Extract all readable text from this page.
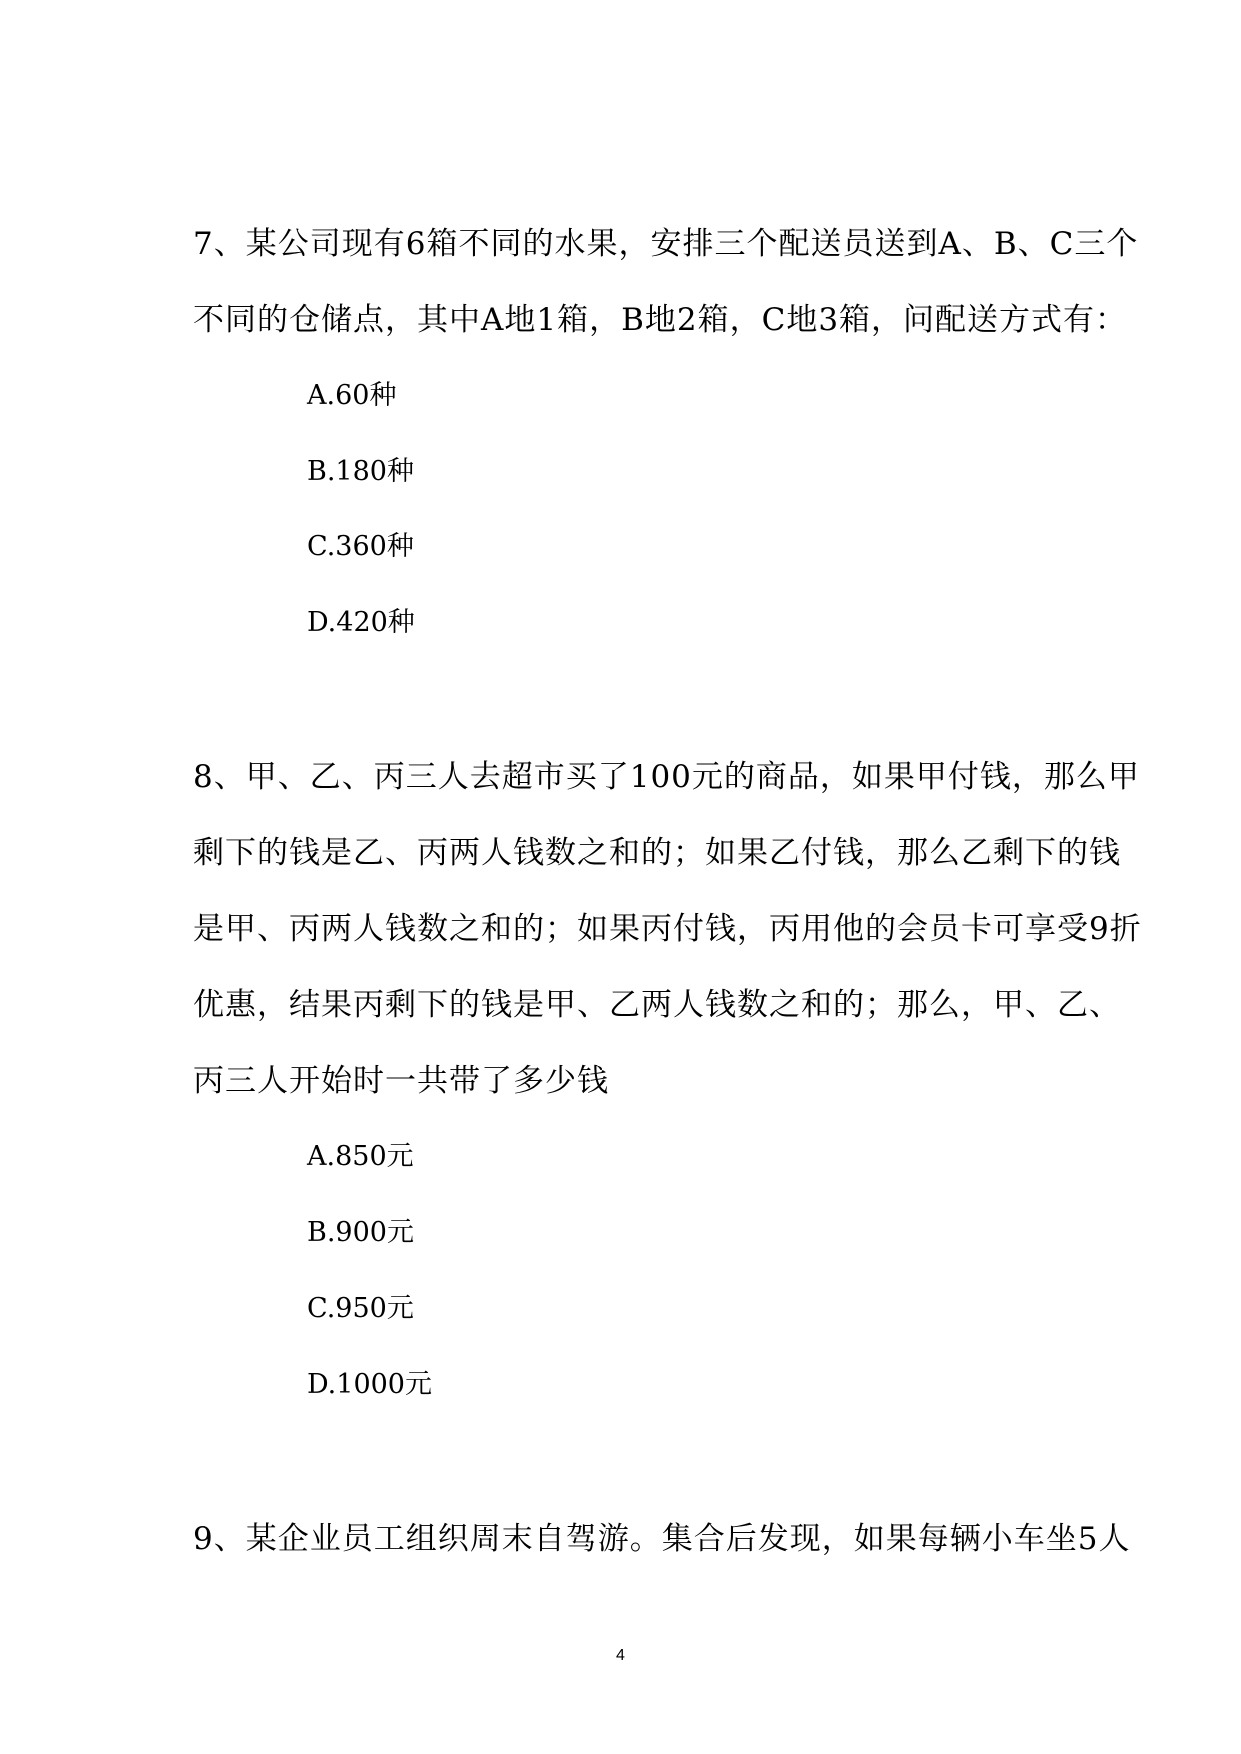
7、某公司现有6箱不同的水果，安排三个配送员送到A、B、C三个
不同的仓储点，其中A地1箱，B地2箱，C地3箱，问配送方式有：
A.60种
B.180种
C.360种
D.420种
8、甲、乙、丙三人去超市买了100元的商品，如果甲付钱，那么甲
剩下的钱是乙、丙两人钱数之和的；如果乙付钱，那么乙剩下的钱
是甲、丙两人钱数之和的；如果丙付钱，丙用他的会员卡可享受9折
优惠，结果丙剩下的钱是甲、乙两人钱数之和的；那么，甲、乙、
丙三人开始时一共带了多少钱
A.850元
B.900元
C.950元
D.1000元
9、某企业员工组织周末自驾游。集合后发现，如果每辆小车坐5人
4
